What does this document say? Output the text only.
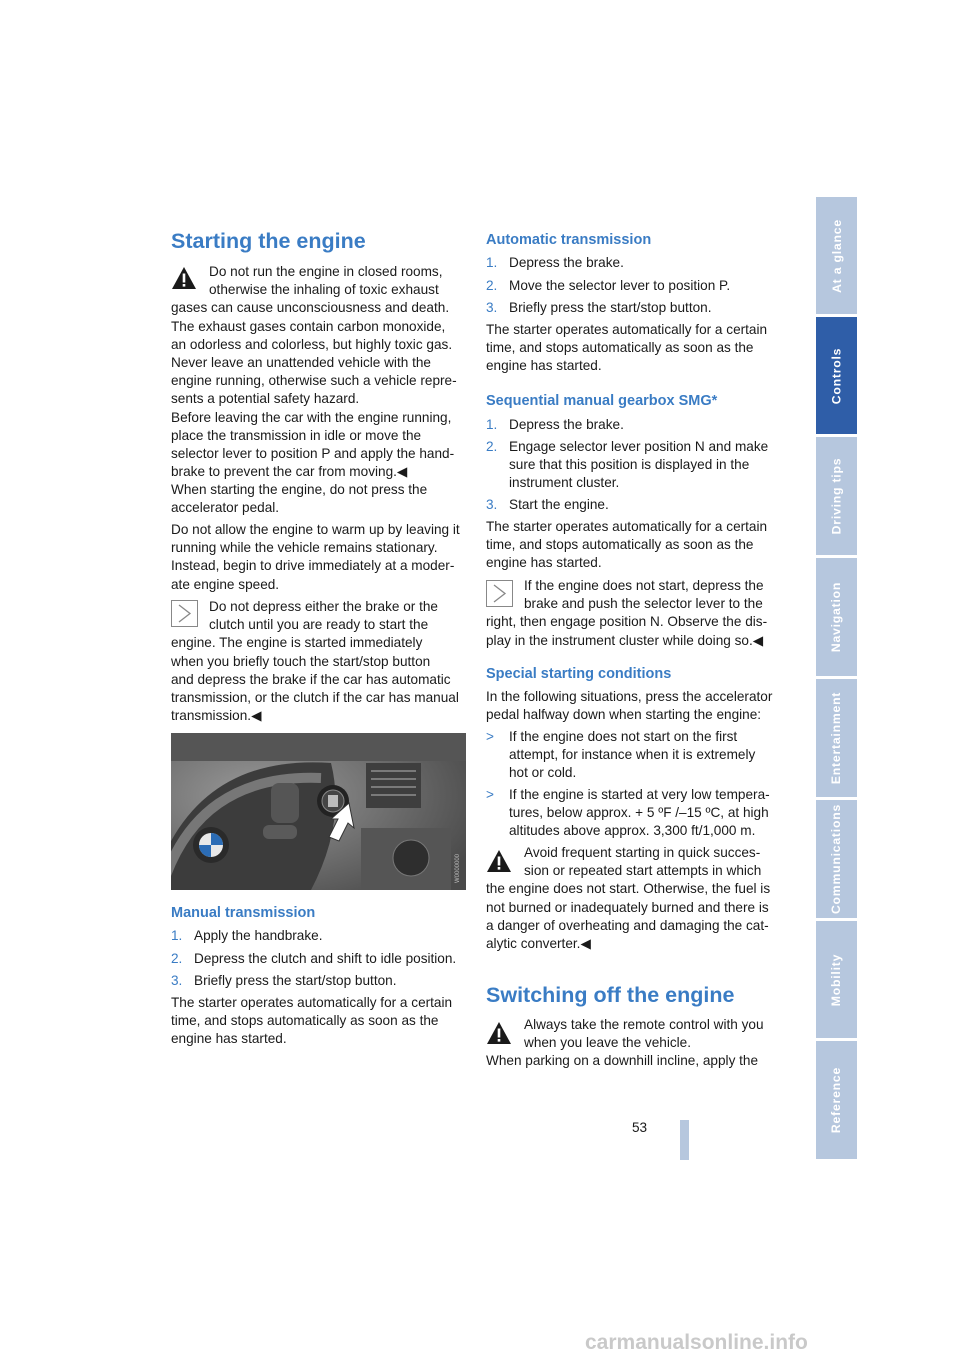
Starting the engine
Do not run the engine in closed rooms,
otherwise the inhaling of toxic exhaust
gases can cause unconsciousness and death.
The exhaust gases contain carbon monoxide,
an odorless and colorless, but highly toxic gas.
Never leave an unattended vehicle with the
engine running, otherwise such a vehicle repre-
sents a potential safety hazard.
Before leaving the car with the engine running,
place the transmission in idle or move the
selector lever to position P and apply the hand-
brake to prevent the car from moving.◀
When starting the engine, do not press the
accelerator pedal.
Do not allow the engine to warm up by leaving it
running while the vehicle remains stationary.
Instead, begin to drive immediately at a moder-
ate engine speed.
Do not depress either the brake or the
clutch until you are ready to start the
engine. The engine is started immediately
when you briefly touch the start/stop button
and depress the brake if the car has automatic
transmission, or the clutch if the car has manual
transmission.◀
W0000000
Manual transmission
1. Apply the handbrake.
2. Depress the clutch and shift to idle position.
3. Briefly press the start/stop button.
The starter operates automatically for a certain
time, and stops automatically as soon as the
engine has started.
Automatic transmission
1. Depress the brake.
2. Move the selector lever to position P.
3. Briefly press the start/stop button.
The starter operates automatically for a certain
time, and stops automatically as soon as the
engine has started.
Sequential manual gearbox SMG*
1. Depress the brake.
2. Engage selector lever position N and make
sure that this position is displayed in the
instrument cluster.
3. Start the engine.
The starter operates automatically for a certain
time, and stops automatically as soon as the
engine has started.
If the engine does not start, depress the
brake and push the selector lever to the
right, then engage position N. Observe the dis-
play in the instrument cluster while doing so.◀
Special starting conditions
In the following situations, press the accelerator
pedal halfway down when starting the engine:
> If the engine does not start on the first
attempt, for instance when it is extremely
hot or cold.
> If the engine is started at very low tempera-
tures, below approx. + 5 ºF /–15 ºC, at high
altitudes above approx. 3,300 ft/1,000 m.
Avoid frequent starting in quick succes-
sion or repeated start attempts in which
the engine does not start. Otherwise, the fuel is
not burned or inadequately burned and there is
a danger of overheating and damaging the cat-
alytic converter.◀
Switching off the engine
Always take the remote control with you
when you leave the vehicle.
When parking on a downhill incline, apply the
At a glance
Controls
Driving tips
Navigation
Entertainment
Communications
Mobility
Reference
53
carmanualsonline.info
